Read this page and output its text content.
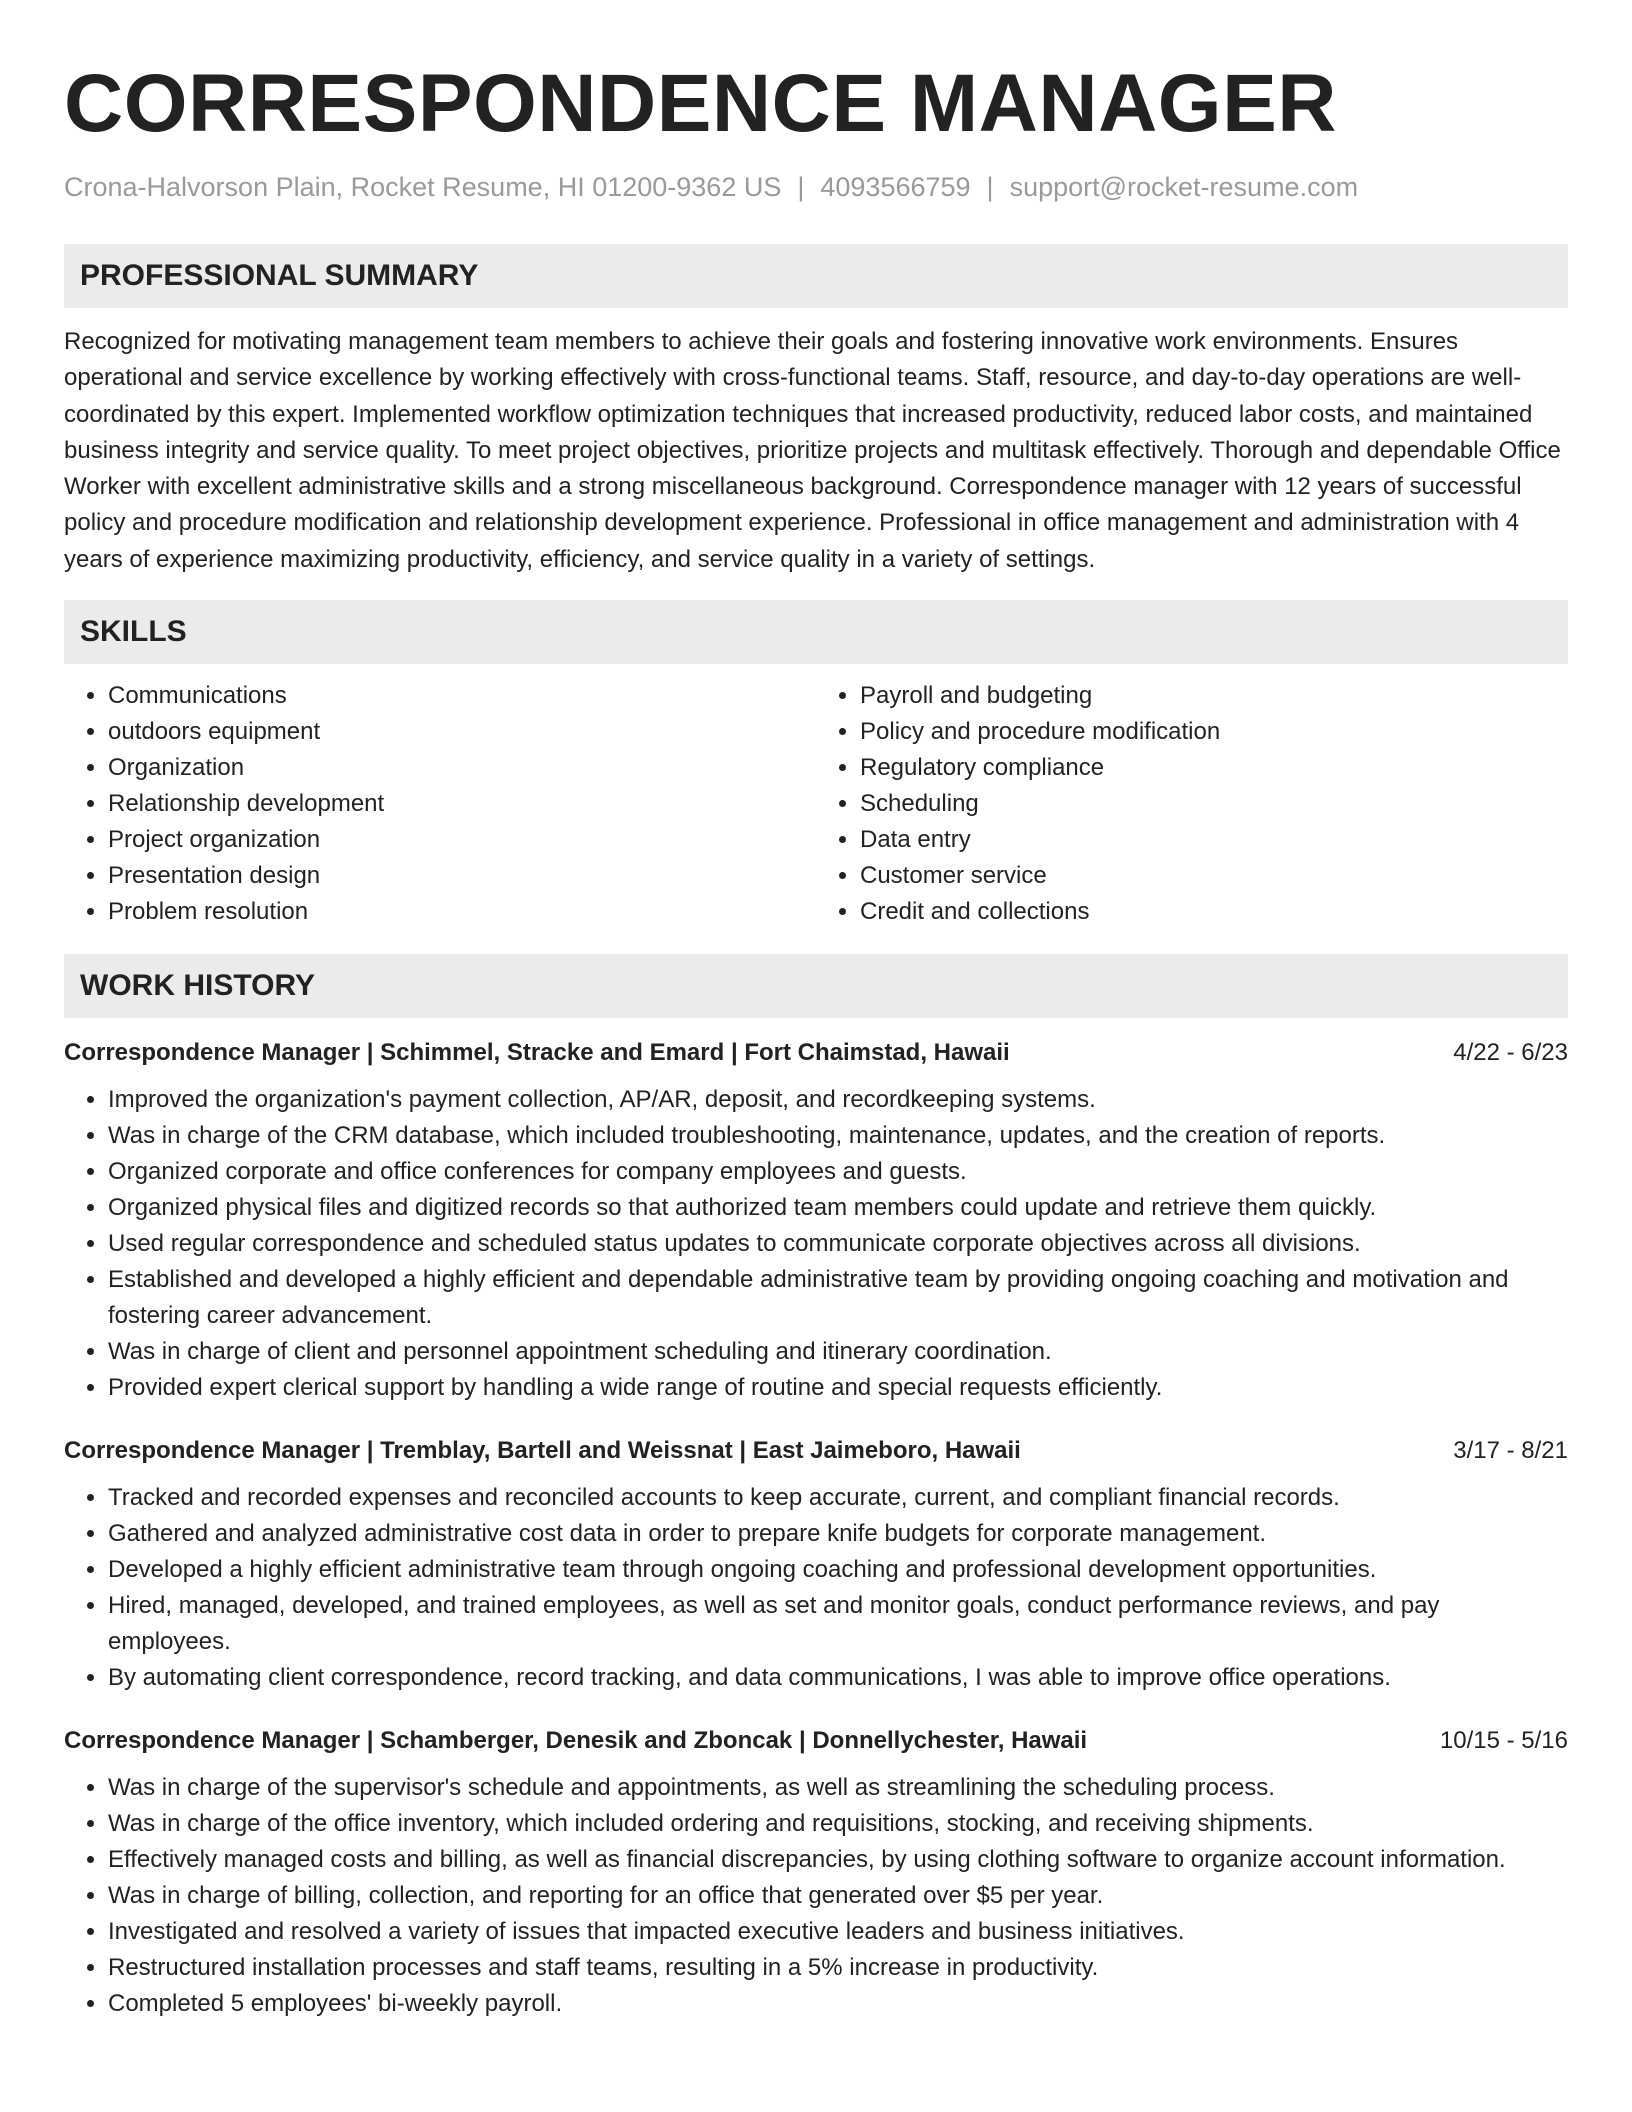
CORRESPONDENCE MANAGER
Crona-Halvorson Plain, Rocket Resume, HI 01200-9362 US | 4093566759 | support@rocket-resume.com
PROFESSIONAL SUMMARY

Recognized for motivating management team members to achieve their goals and fostering innovative work environments. Ensures operational and service excellence by working effectively with cross-functional teams. Staff, resource, and day-to-day operations are well-coordinated by this expert. Implemented workflow optimization techniques that increased productivity, reduced labor costs, and maintained business integrity and service quality. To meet project objectives, prioritize projects and multitask effectively. Thorough and dependable Office Worker with excellent administrative skills and a strong miscellaneous background. Correspondence manager with 12 years of successful policy and procedure modification and relationship development experience. Professional in office management and administration with 4 years of experience maximizing productivity, efficiency, and service quality in a variety of settings.

SKILLS
• Communications
• outdoors equipment
• Organization
• Relationship development
• Project organization
• Presentation design
• Problem resolution
• Payroll and budgeting
• Policy and procedure modification
• Regulatory compliance
• Scheduling
• Data entry
• Customer service
• Credit and collections
WORK HISTORY
Correspondence Manager | Schimmel, Stracke and Emard | Fort Chaimstad, Hawaii	4/22 - 6/23
• Improved the organization's payment collection, AP/AR, deposit, and recordkeeping systems.
• Was in charge of the CRM database, which included troubleshooting, maintenance, updates, and the creation of reports.
• Organized corporate and office conferences for company employees and guests.
• Organized physical files and digitized records so that authorized team members could update and retrieve them quickly.
• Used regular correspondence and scheduled status updates to communicate corporate objectives across all divisions.
• Established and developed a highly efficient and dependable administrative team by providing ongoing coaching and motivation and fostering career advancement.
• Was in charge of client and personnel appointment scheduling and itinerary coordination.
• Provided expert clerical support by handling a wide range of routine and special requests efficiently.
Correspondence Manager | Tremblay, Bartell and Weissnat | East Jaimeboro, Hawaii	3/17 - 8/21
• Tracked and recorded expenses and reconciled accounts to keep accurate, current, and compliant financial records.
• Gathered and analyzed administrative cost data in order to prepare knife budgets for corporate management.
• Developed a highly efficient administrative team through ongoing coaching and professional development opportunities.
• Hired, managed, developed, and trained employees, as well as set and monitor goals, conduct performance reviews, and pay employees.
• By automating client correspondence, record tracking, and data communications, I was able to improve office operations.
Correspondence Manager | Schamberger, Denesik and Zboncak | Donnellychester, Hawaii	10/15 - 5/16
• Was in charge of the supervisor's schedule and appointments, as well as streamlining the scheduling process.
• Was in charge of the office inventory, which included ordering and requisitions, stocking, and receiving shipments.
• Effectively managed costs and billing, as well as financial discrepancies, by using clothing software to organize account information.
• Was in charge of billing, collection, and reporting for an office that generated over $5 per year.
• Investigated and resolved a variety of issues that impacted executive leaders and business initiatives.
• Restructured installation processes and staff teams, resulting in a 5% increase in productivity.
• Completed 5 employees' bi-weekly payroll.
